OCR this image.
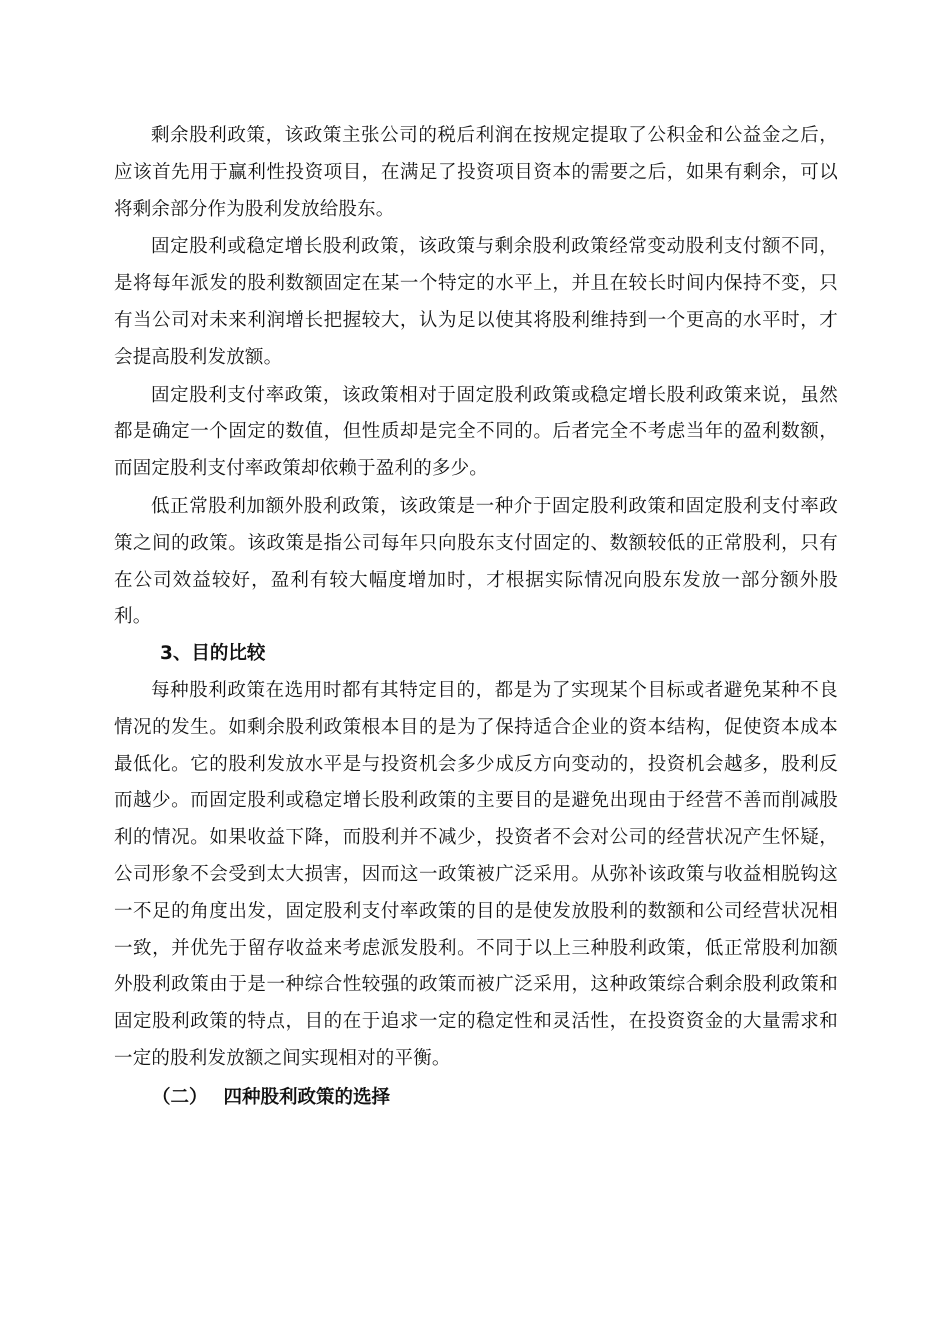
剩余股利政策，该政策主张公司的税后利润在按规定提取了公积金和公益金之后，应该首先用于赢利性投资项目，在满足了投资项目资本的需要之后，如果有剩余，可以将剩余部分作为股利发放给股东。

固定股利或稳定增长股利政策，该政策与剩余股利政策经常变动股利支付额不同，是将每年派发的股利数额固定在某一个特定的水平上，并且在较长时间内保持不变，只有当公司对未来利润增长把握较大，认为足以使其将股利维持到一个更高的水平时，才会提高股利发放额。

固定股利支付率政策，该政策相对于固定股利政策或稳定增长股利政策来说，虽然都是确定一个固定的数值，但性质却是完全不同的。后者完全不考虑当年的盈利数额，而固定股利支付率政策却依赖于盈利的多少。

低正常股利加额外股利政策，该政策是一种介于固定股利政策和固定股利支付率政策之间的政策。该政策是指公司每年只向股东支付固定的、数额较低的正常股利，只有在公司效益较好，盈利有较大幅度增加时，才根据实际情况向股东发放一部分额外股利。

3、目的比较

每种股利政策在选用时都有其特定目的，都是为了实现某个目标或者避免某种不良情况的发生。如剩余股利政策根本目的是为了保持适合企业的资本结构，促使资本成本最低化。它的股利发放水平是与投资机会多少成反方向变动的，投资机会越多，股利反而越少。而固定股利或稳定增长股利政策的主要目的是避免出现由于经营不善而削减股利的情况。如果收益下降，而股利并不减少，投资者不会对公司的经营状况产生怀疑，公司形象不会受到太大损害，因而这一政策被广泛采用。从弥补该政策与收益相脱钩这一不足的角度出发，固定股利支付率政策的目的是使发放股利的数额和公司经营状况相一致，并优先于留存收益来考虑派发股利。不同于以上三种股利政策，低正常股利加额外股利政策由于是一种综合性较强的政策而被广泛采用，这种政策综合剩余股利政策和固定股利政策的特点，目的在于追求一定的稳定性和灵活性，在投资资金的大量需求和一定的股利发放额之间实现相对的平衡。

（二） 四种股利政策的选择
